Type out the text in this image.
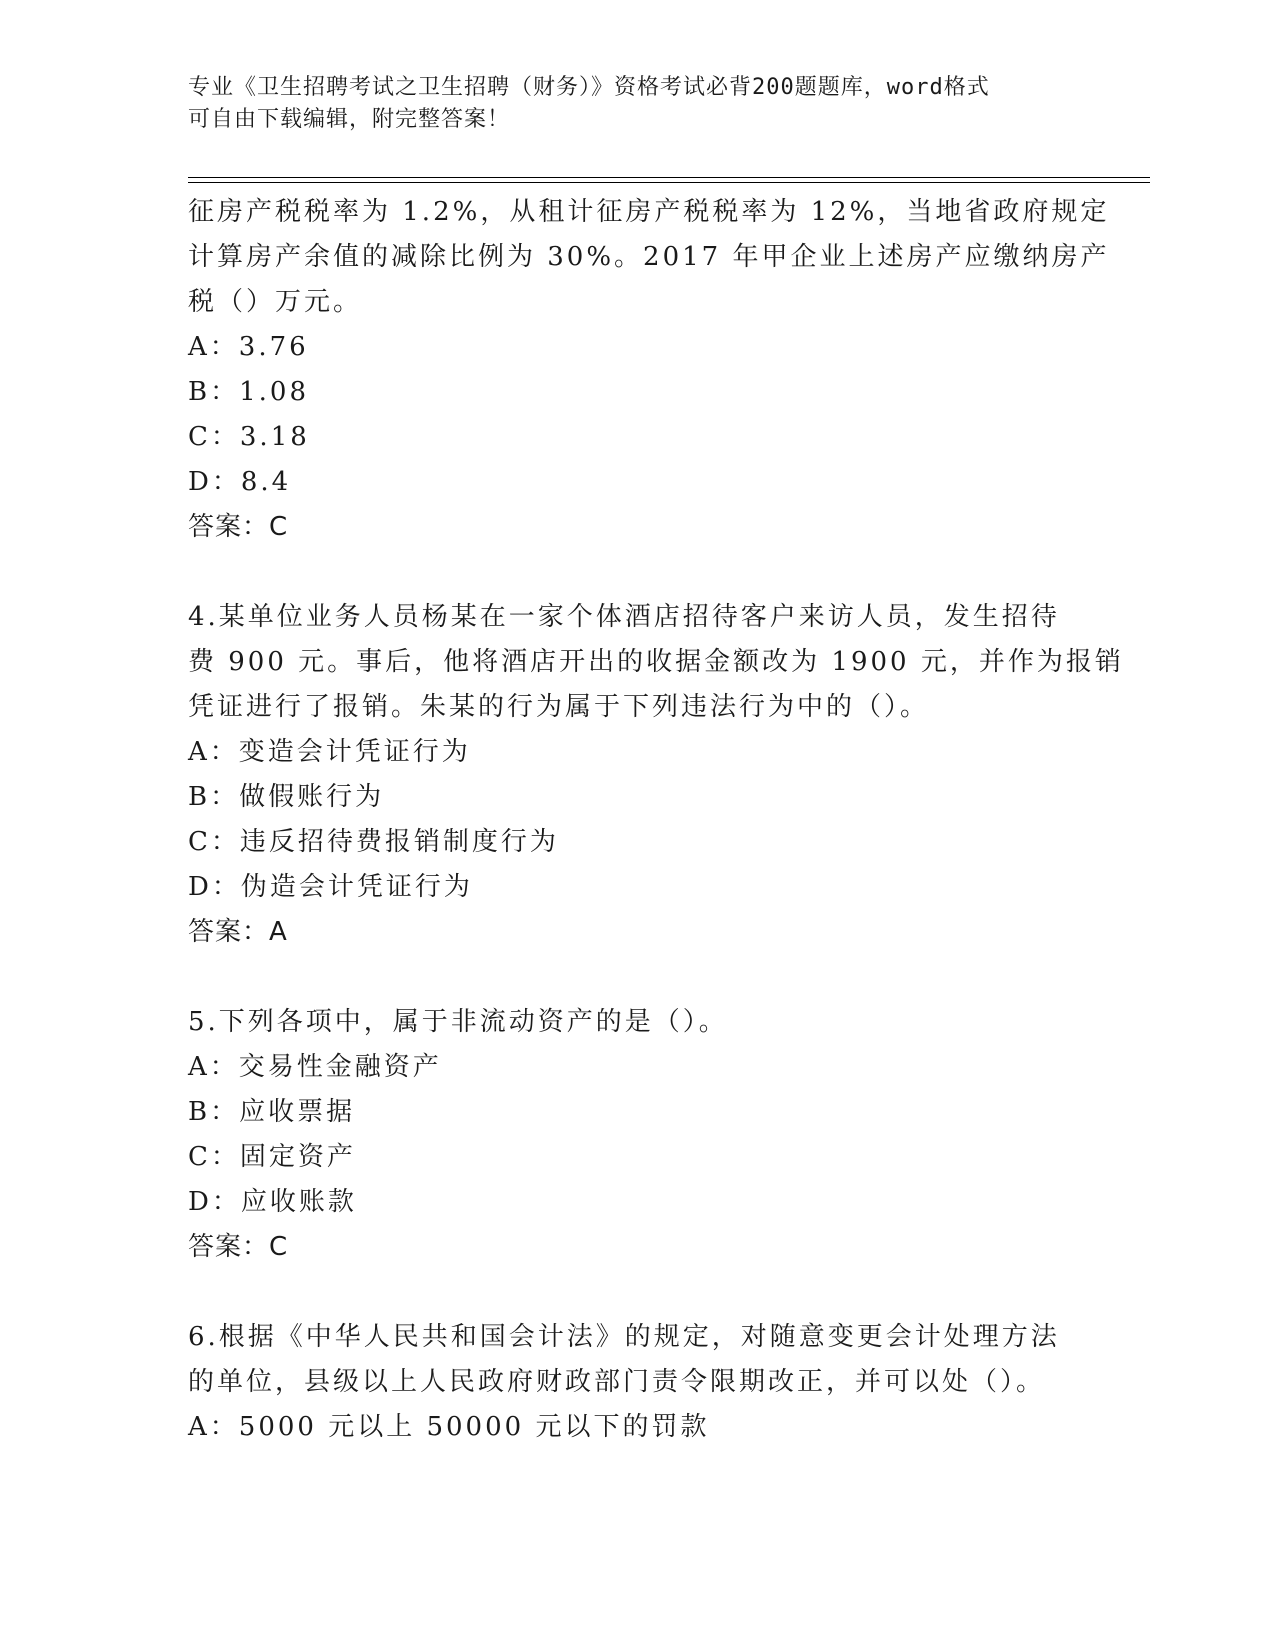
专业《卫生招聘考试之卫生招聘（财务）》资格考试必背200题题库，word格式
可自由下载编辑，附完整答案！
征房产税税率为 1.2%，从租计征房产税税率为 12%，当地省政府规定
计算房产余值的减除比例为 30%。2017 年甲企业上述房产应缴纳房产
税（）万元。
A：3.76
B：1.08
C：3.18
D：8.4
答案：C
4.某单位业务人员杨某在一家个体酒店招待客户来访人员，发生招待
费 900 元。事后，他将酒店开出的收据金额改为 1900 元，并作为报销
凭证进行了报销。朱某的行为属于下列违法行为中的（）。
A：变造会计凭证行为
B：做假账行为
C：违反招待费报销制度行为
D：伪造会计凭证行为
答案：A
5.下列各项中，属于非流动资产的是（）。
A：交易性金融资产
B：应收票据
C：固定资产
D：应收账款
答案：C
6.根据《中华人民共和国会计法》的规定，对随意变更会计处理方法
的单位，县级以上人民政府财政部门责令限期改正，并可以处（）。
A：5000 元以上 50000 元以下的罚款
